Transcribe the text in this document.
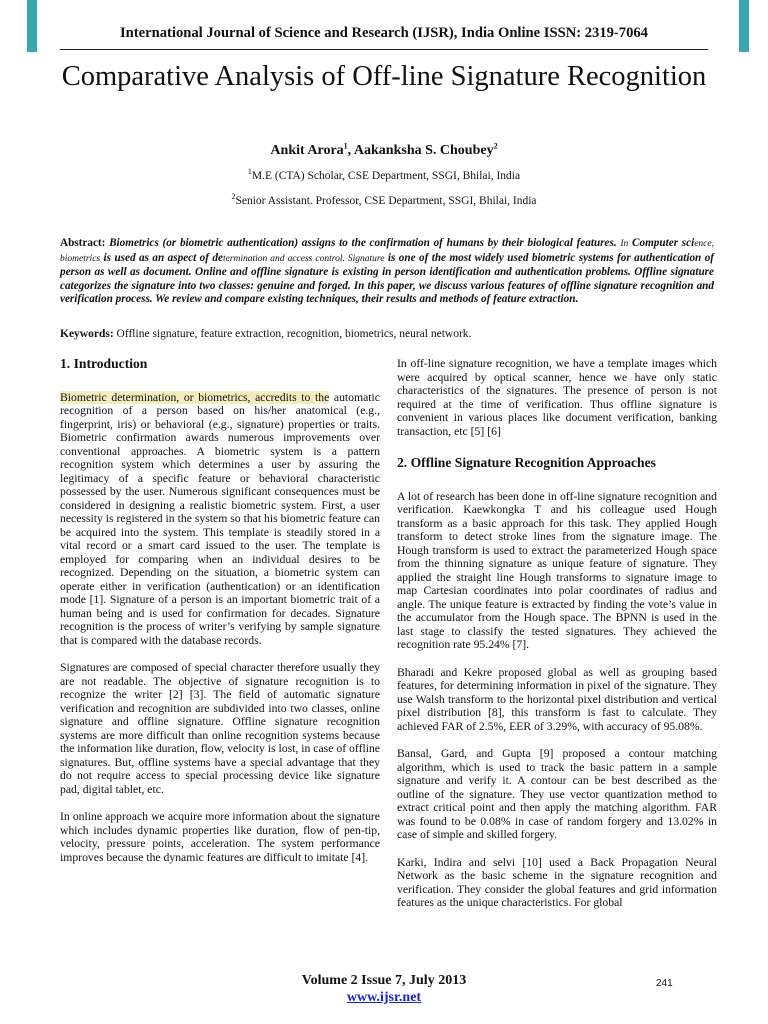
International Journal of Science and Research (IJSR), India Online ISSN: 2319-7064
Comparative Analysis of Off-line Signature Recognition
Ankit Arora$^1$, Aakanksha S. Choubey$^2$
$^1$M.E (CTA) Scholar, CSE Department, SSGI, Bhilai, India
$^2$Senior Assistant. Professor, CSE Department, SSGI, Bhilai, India
Abstract: Biometrics (or biometric authentication) assigns to the confirmation of humans by their biological features. In Computer science, biometrics is used as an aspect of determination and access control. Signature is one of the most widely used biometric systems for authentication of person as well as document. Online and offline signature is existing in person identification and authentication problems. Offline signature categorizes the signature into two classes: genuine and forged. In this paper, we discuss various features of offline signature recognition and verification process. We review and compare existing techniques, their results and methods of feature extraction.
Keywords: Offline signature, feature extraction, recognition, biometrics, neural network.
1. Introduction

Biometric determination, or biometrics, accredits to the automatic recognition of a person based on his/her anatomical (e.g., fingerprint, iris) or behavioral (e.g., signature) properties or traits. Biometric confirmation awards numerous improvements over conventional approaches. A biometric system is a pattern recognition system which determines a user by assuring the legitimacy of a specific feature or behavioral characteristic possessed by the user. Numerous significant consequences must be considered in designing a realistic biometric system. First, a user necessity is registered in the system so that his biometric feature can be acquired into the system. This template is steadily stored in a vital record or a smart card issued to the user. The template is employed for comparing when an individual desires to be recognized. Depending on the situation, a biometric system can operate either in verification (authentication) or an identification mode [1]. Signature of a person is an important biometric trait of a human being and is used for confirmation for decades. Signature recognition is the process of writer’s verifying by sample signature that is compared with the database records.

Signatures are composed of special character therefore usually they are not readable. The objective of signature recognition is to recognize the writer [2] [3]. The field of automatic signature verification and recognition are subdivided into two classes, online signature and offline signature. Offline signature recognition systems are more difficult than online recognition systems because the information like duration, flow, velocity is lost, in case of offline signatures. But, offline systems have a special advantage that they do not require access to special processing device like signature pad, digital tablet, etc.

In online approach we acquire more information about the signature which includes dynamic properties like duration, flow of pen-tip, velocity, pressure points, acceleration. The system performance improves because the dynamic features are difficult to imitate [4].

In off-line signature recognition, we have a template images which were acquired by optical scanner, hence we have only static characteristics of the signatures. The presence of person is not required at the time of verification. Thus offline signature is convenient in various places like document verification, banking transaction, etc [5] [6]

2. Offline Signature Recognition Approaches

A lot of research has been done in off-line signature recognition and verification. Kaewkongka T and his colleague used Hough transform as a basic approach for this task. They applied Hough transform to detect stroke lines from the signature image. The Hough transform is used to extract the parameterized Hough space from the thinning signature as unique feature of signature. They applied the straight line Hough transforms to signature image to map Cartesian coordinates into polar coordinates of radius and angle. The unique feature is extracted by finding the vote’s value in the accumulator from the Hough space. The BPNN is used in the last stage to classify the tested signatures. They achieved the recognition rate 95.24% [7].

Bharadi and Kekre proposed global as well as grouping based features, for determining information in pixel of the signature. They use Walsh transform to the horizontal pixel distribution and vertical pixel distribution [8], this transform is fast to calculate. They achieved FAR of 2.5%, EER of 3.29%, with accuracy of 95.08%.

Bansal, Gard, and Gupta [9] proposed a contour matching algorithm, which is used to track the basic pattern in a sample signature and verify it. A contour can be best described as the outline of the signature. They use vector quantization method to extract critical point and then apply the matching algorithm. FAR was found to be 0.08% in case of random forgery and 13.02% in case of simple and skilled forgery.

Karki, Indira and selvi [10] used a Back Propagation Neural Network as the basic scheme in the signature recognition and verification. They consider the global features and grid information features as the unique characteristics. For global

Volume 2 Issue 7, July 2013
www.ijsr.net
241
